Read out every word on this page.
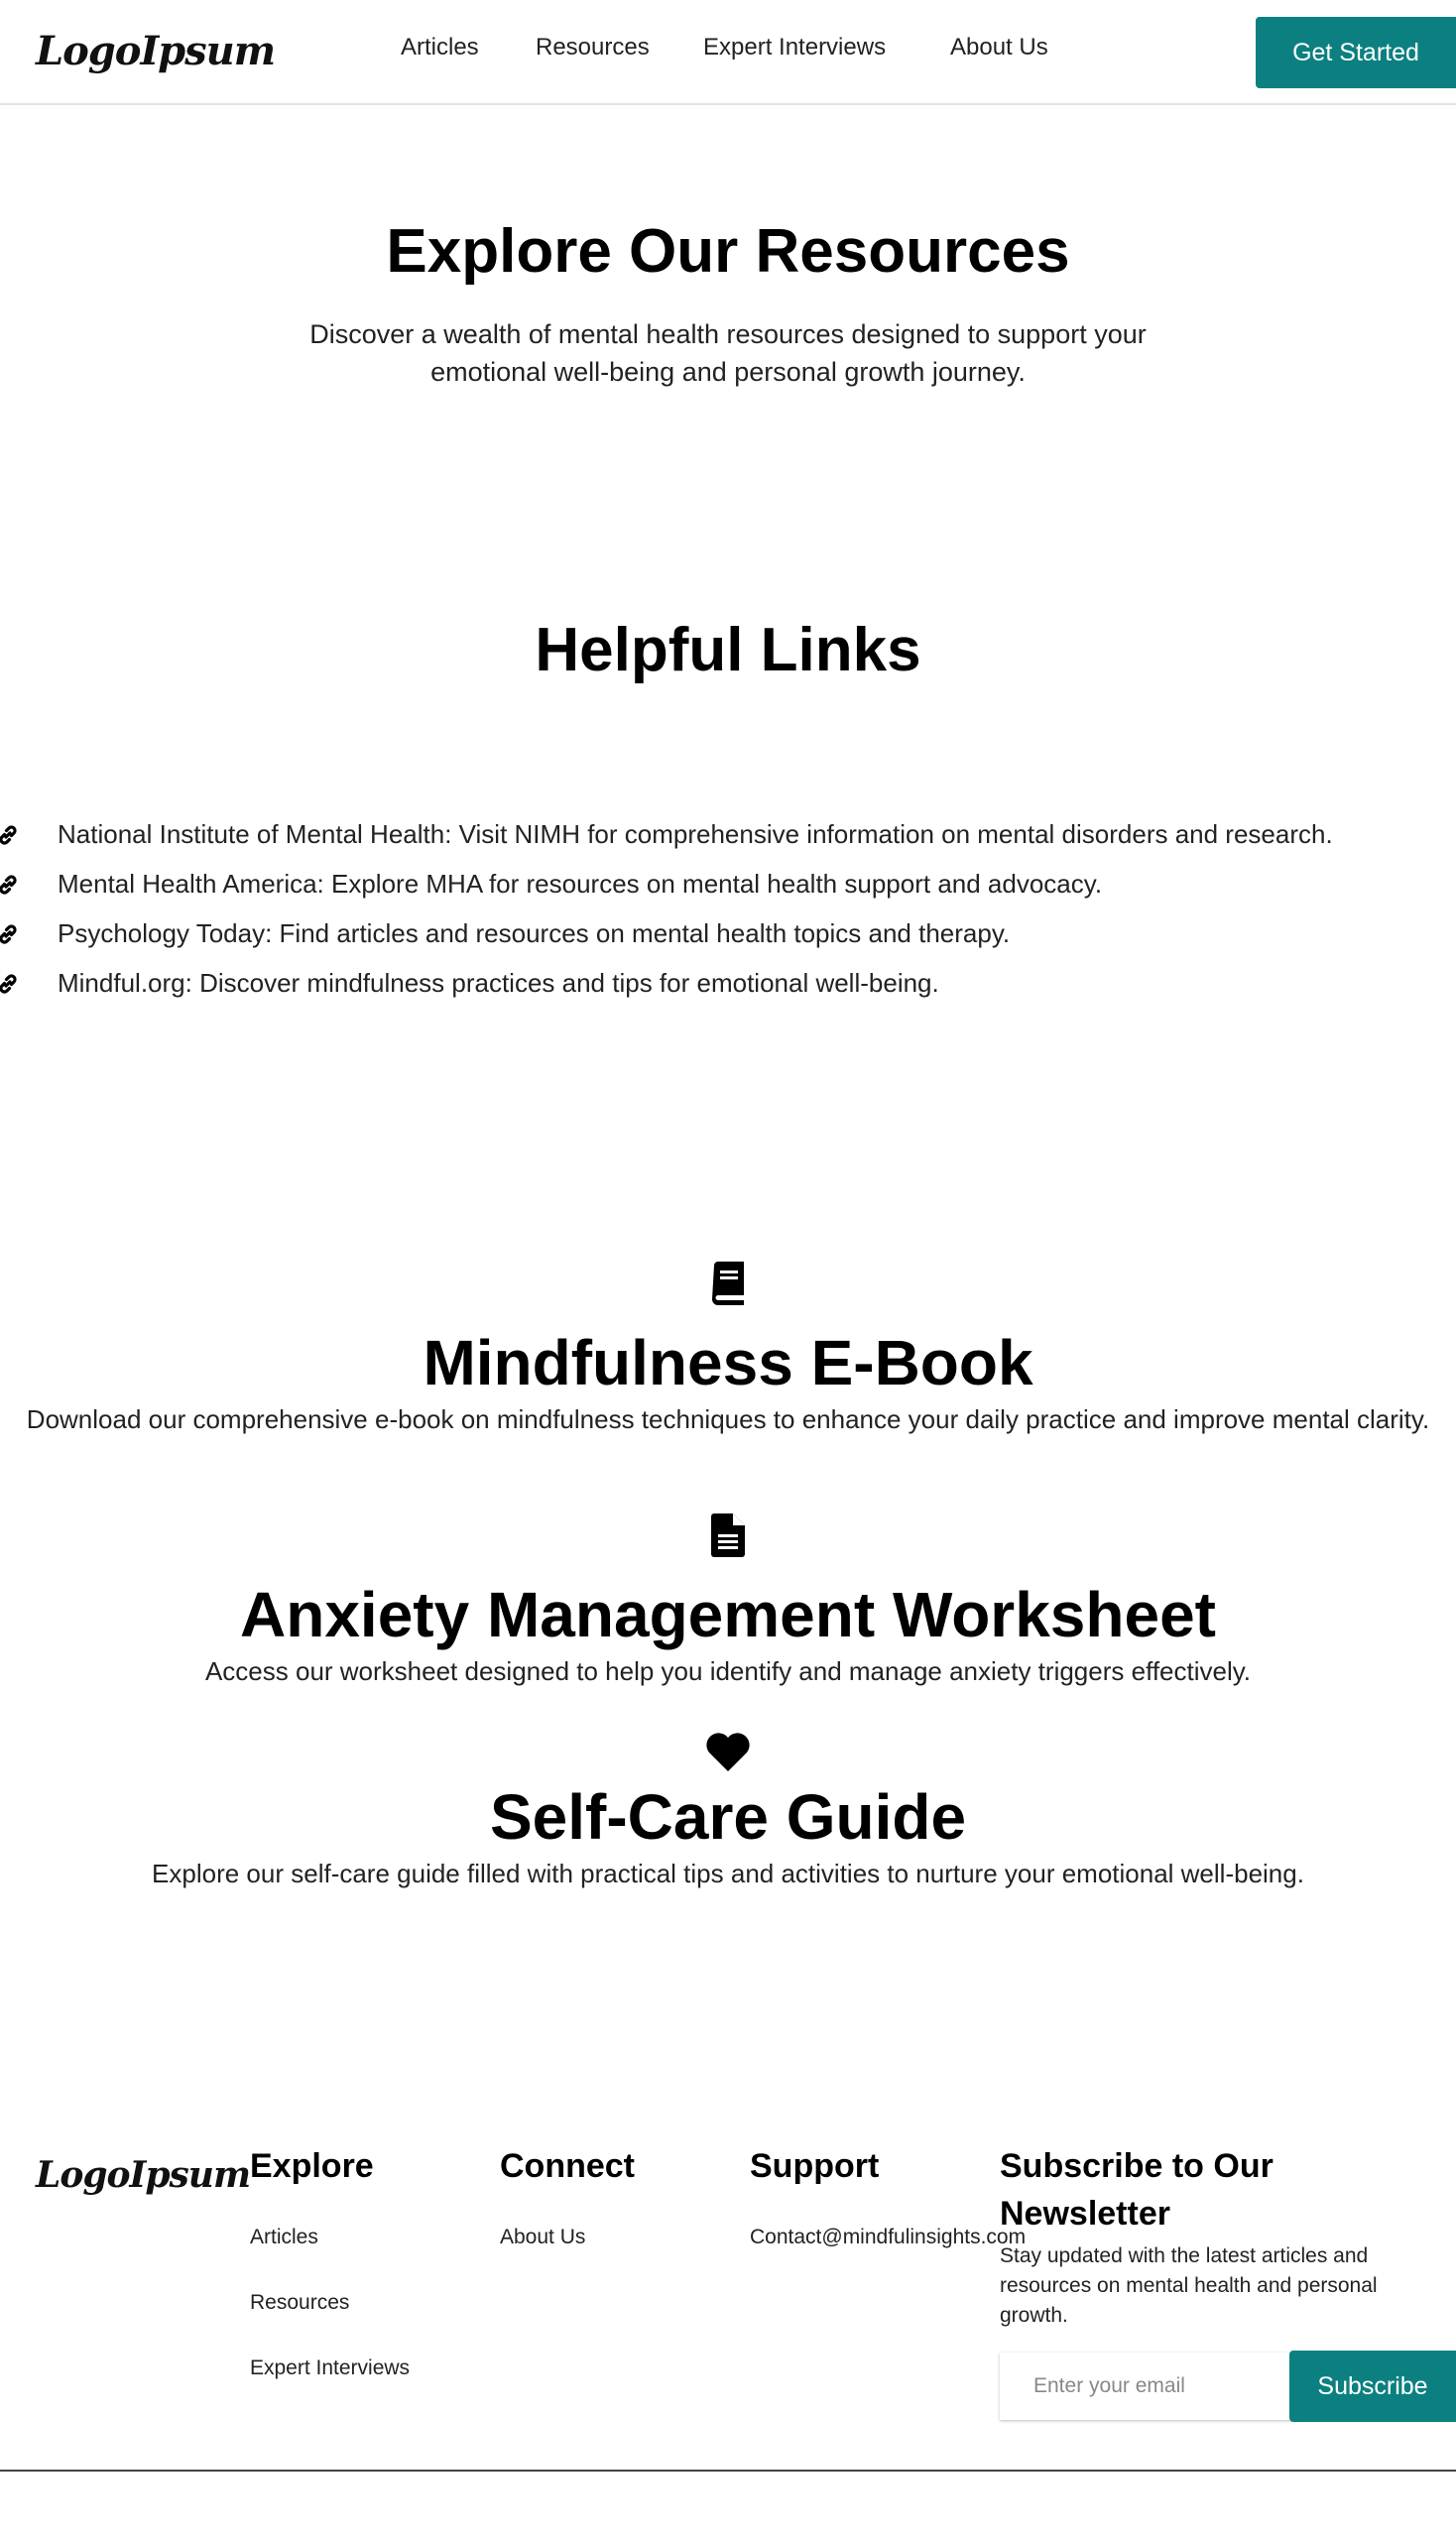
LogoIpsum	Articles Resources Expert Interviews	About Us	Get Started
Explore Our Resources

Discover a wealth of mental health resources designed to support your emotional well-being and personal growth journey.

Helpful Links
National Institute of Mental Health: Visit NIMH for comprehensive information on mental disorders and research.
Mental Health America: Explore MHA for resources on mental health support and advocacy.
Psychology Today: Find articles and resources on mental health topics and therapy.
Mindful.org: Discover mindfulness practices and tips for emotional well-being.
Mindfulness E-Book

Download our comprehensive e-book on mindfulness techniques to enhance your daily practice and improve mental clarity.

Anxiety Management Worksheet

Access our worksheet designed to help you identify and manage anxiety triggers effectively.

Self-Care Guide

Explore our self-care guide filled with practical tips and activities to nurture your emotional well-being.

LogoIpsum Explore
Articles
Resources
Expert Interviews
Connect
About Us
Support
Contact@mindfulinsights.com
Subscribe to Our Newsletter

Stay updated with the latest articles and resources on mental health and personal growth.

Enter your email
Subscribe
